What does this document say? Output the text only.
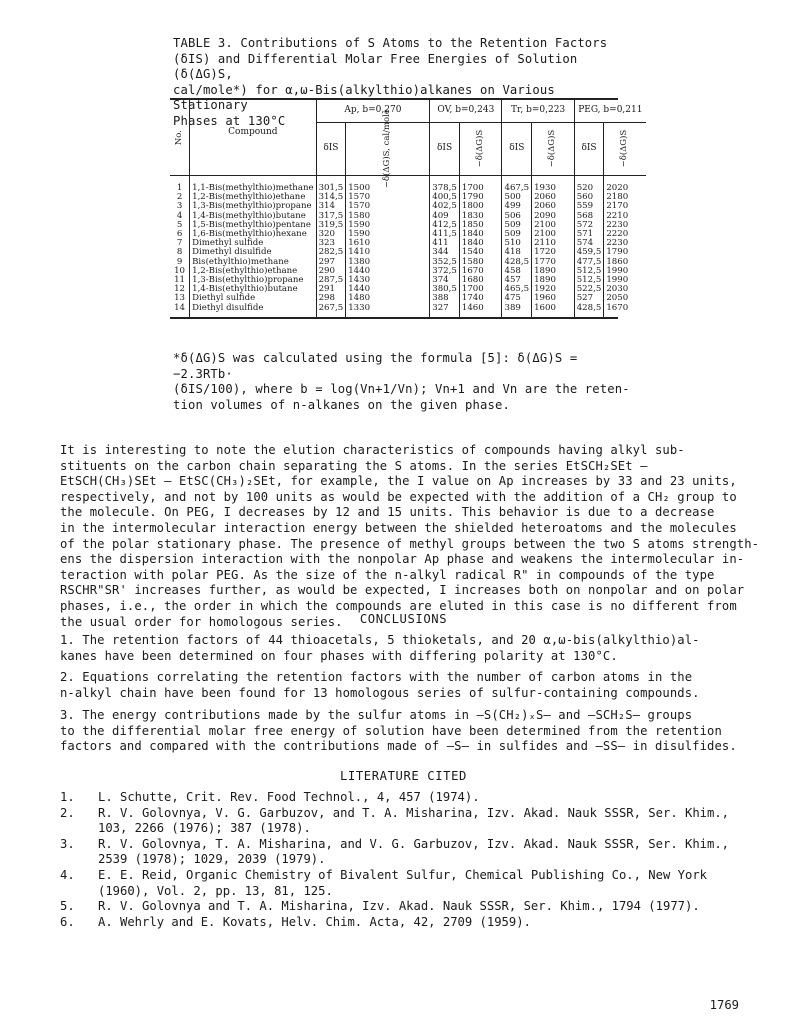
TABLE 3. Contributions of S Atoms to the Retention Factors
(δIS) and Differential Molar Free Energies of Solution (δ(ΔG)S,
cal/mole*) for α,ω-Bis(alkylthio)alkanes on Various Stationary
Phases at 130°C
No.	Compound	Ap, b=0,270		OV, b=0,243		Tr, b=0,223		PEG, b=0,211	
		δIS	−δ(ΔG)S, cal/mole	δIS	−δ(ΔG)S	δIS	−δ(ΔG)S	δIS	−δ(ΔG)S
1	1,1-Bis(methylthio)methane	301,5	1500	378,5	1700	467,5	1930	520	2020
2	1,2-Bis(methylthio)ethane	314,5	1570	400,5	1790	500	2060	560	2180
3	1,3-Bis(methylthio)propane	314	1570	402,5	1800	499	2060	559	2170
4	1,4-Bis(methylthio)butane	317,5	1580	409	1830	506	2090	568	2210
5	1,5-Bis(methylthio)pentane	319,5	1590	412,5	1850	509	2100	572	2230
6	1,6-Bis(methylthio)hexane	320	1590	411,5	1840	509	2100	571	2220
7	Dimethyl sulfide	323	1610	411	1840	510	2110	574	2230
8	Dimethyl disulfide	282,5	1410	344	1540	418	1720	459,5	1790
9	Bis(ethylthio)methane	297	1380	352,5	1580	428,5	1770	477,5	1860
10	1,2-Bis(ethylthio)ethane	290	1440	372,5	1670	458	1890	512,5	1990
11	1,3-Bis(ethylthio)propane	287,5	1430	374	1680	457	1890	512,5	1990
12	1,4-Bis(ethylthio)butane	291	1440	380,5	1700	465,5	1920	522,5	2030
13	Diethyl sulfide	298	1480	388	1740	475	1960	527	2050
14	Diethyl disulfide	267,5	1330	327	1460	389	1600	428,5	1670
*δ(ΔG)S was calculated using the formula [5]: δ(ΔG)S = −2.3RTb·
(δIS/100), where b = log(Vn+1/Vn); Vn+1 and Vn are the reten-
tion volumes of n-alkanes on the given phase.
It is interesting to note the elution characteristics of compounds having alkyl sub-
stituents on the carbon chain separating the S atoms. In the series EtSCH₂SEt —
EtSCH(CH₃)SEt — EtSC(CH₃)₂SEt, for example, the I value on Ap increases by 33 and 23 units,
respectively, and not by 100 units as would be expected with the addition of a CH₂ group to
the molecule. On PEG, I decreases by 12 and 15 units. This behavior is due to a decrease
in the intermolecular interaction energy between the shielded heteroatoms and the molecules
of the polar stationary phase. The presence of methyl groups between the two S atoms strength-
ens the dispersion interaction with the nonpolar Ap phase and weakens the intermolecular in-
teraction with polar PEG. As the size of the n-alkyl radical R" in compounds of the type
RSCHR"SR' increases further, as would be expected, I increases both on nonpolar and on polar
phases, i.e., the order in which the compounds are eluted in this case is no different from
the usual order for homologous series.	CONCLUSIONS
1. The retention factors of 44 thioacetals, 5 thioketals, and 20 α,ω-bis(alkylthio)al-
kanes have been determined on four phases with differing polarity at 130°C.
2. Equations correlating the retention factors with the number of carbon atoms in the
n-alkyl chain have been found for 13 homologous series of sulfur-containing compounds.
3. The energy contributions made by the sulfur atoms in —S(CH₂)ₓS— and —SCH₂S— groups
to the differential molar free energy of solution have been determined from the retention
factors and compared with the contributions made of —S— in sulfides and —SS— in disulfides.
LITERATURE CITED
1.	L. Schutte, Crit. Rev. Food Technol., 4, 457 (1974).
2.	R. V. Golovnya, V. G. Garbuzov, and T. A. Misharina, Izv. Akad. Nauk SSSR, Ser. Khim.,
103, 2266 (1976); 387 (1978).
3.	R. V. Golovnya, T. A. Misharina, and V. G. Garbuzov, Izv. Akad. Nauk SSSR, Ser. Khim.,
2539 (1978); 1029, 2039 (1979).
4.	E. E. Reid, Organic Chemistry of Bivalent Sulfur, Chemical Publishing Co., New York
(1960), Vol. 2, pp. 13, 81, 125.
5.	R. V. Golovnya and T. A. Misharina, Izv. Akad. Nauk SSSR, Ser. Khim., 1794 (1977).
6.	A. Wehrly and E. Kovats, Helv. Chim. Acta, 42, 2709 (1959).
1769
